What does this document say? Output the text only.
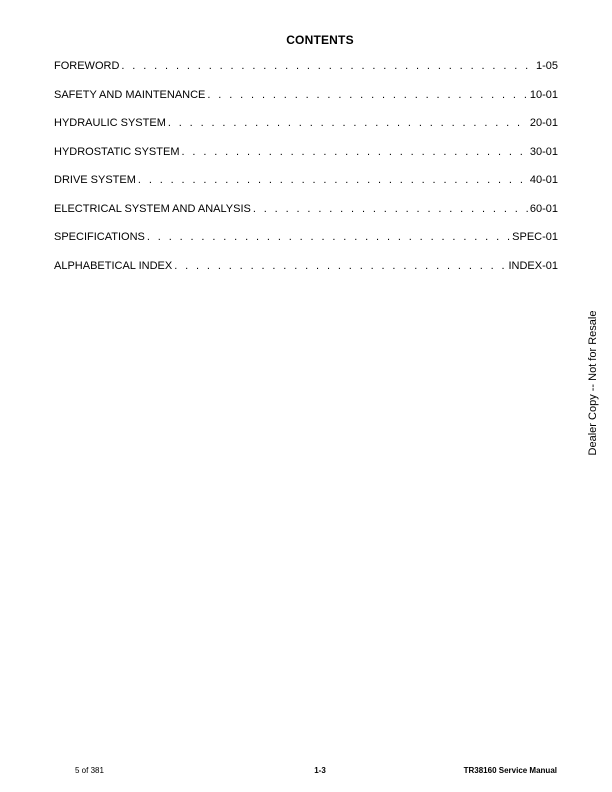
CONTENTS
FOREWORD . . .	1-05
SAFETY AND MAINTENANCE . . .	10-01
HYDRAULIC SYSTEM . . .	20-01
HYDROSTATIC SYSTEM . . .	30-01
DRIVE SYSTEM . . .	40-01
ELECTRICAL SYSTEM AND ANALYSIS . . .	60-01
SPECIFICATIONS . . .	SPEC-01
ALPHABETICAL INDEX . . .	INDEX-01
Dealer Copy -- Not for Resale
5 of 381	1-3	TR38160 Service Manual
